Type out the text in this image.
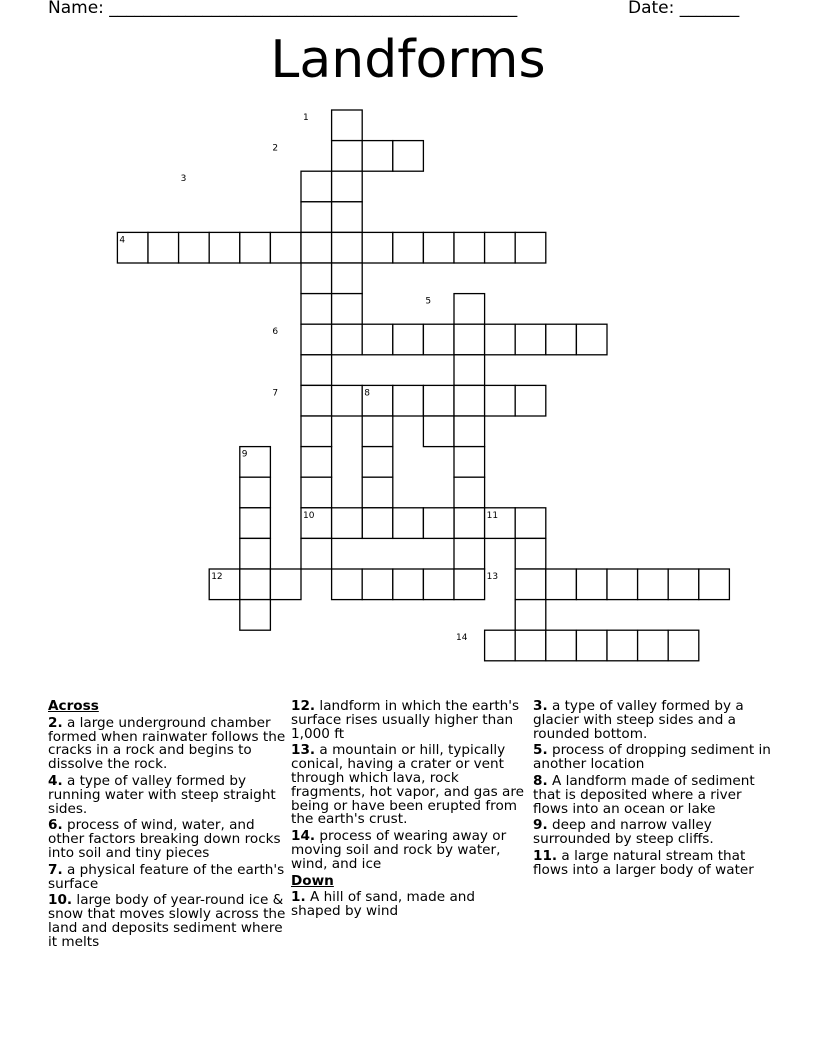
Name: ________________________________________________	Date: _______
Landforms
1
2
3
4
5
6
7	8
9
10	11
12	13
14
Across
2. a large underground chamber formed when rainwater follows the cracks in a rock and begins to dissolve the rock.
4. a type of valley formed by running water with steep straight sides.
6. process of wind, water, and other factors breaking down rocks into soil and tiny pieces
7. a physical feature of the earth's surface
10. large body of year-round ice & snow that moves slowly across the land and deposits sediment where it melts
12. landform in which the earth's surface rises usually higher than 1,000 ft
13. a mountain or hill, typically conical, having a crater or vent through which lava, rock fragments, hot vapor, and gas are being or have been erupted from the earth's crust.
14. process of wearing away or moving soil and rock by water, wind, and ice
Down
1. A hill of sand, made and shaped by wind
3. a type of valley formed by a glacier with steep sides and a rounded bottom.
5. process of dropping sediment in another location
8. A landform made of sediment that is deposited where a river flows into an ocean or lake
9. deep and narrow valley surrounded by steep cliffs.
11. a large natural stream that flows into a larger body of water
